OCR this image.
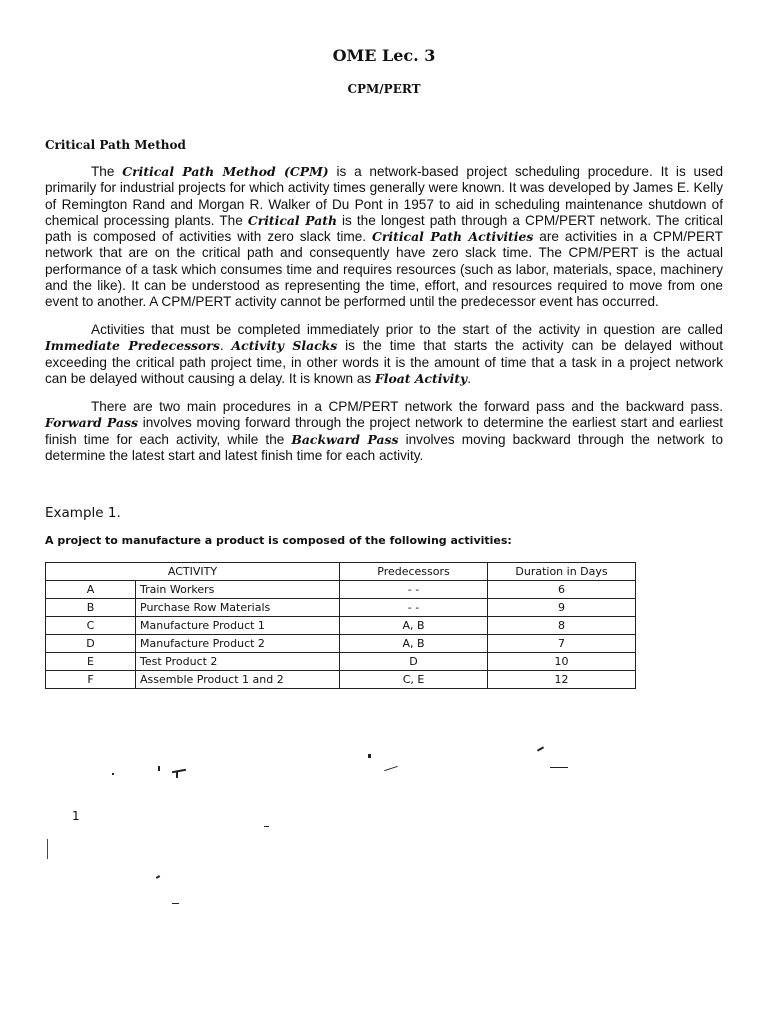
OME Lec. 3
CPM/PERT
Critical Path Method

The Critical Path Method (CPM) is a network-based project scheduling procedure. It is used primarily for industrial projects for which activity times generally were known. It was developed by James E. Kelly of Remington Rand and Morgan R. Walker of Du Pont in 1957 to aid in scheduling maintenance shutdown of chemical processing plants. The Critical Path is the longest path through a CPM/PERT network. The critical path is composed of activities with zero slack time. Critical Path Activities are activities in a CPM/PERT network that are on the critical path and consequently have zero slack time. The CPM/PERT is the actual performance of a task which consumes time and requires resources (such as labor, materials, space, machinery and the like). It can be understood as representing the time, effort, and resources required to move from one event to another. A CPM/PERT activity cannot be performed until the predecessor event has occurred.

Activities that must be completed immediately prior to the start of the activity in question are called Immediate Predecessors. Activity Slacks is the time that starts the activity can be delayed without exceeding the critical path project time, in other words it is the amount of time that a task in a project network can be delayed without causing a delay. It is known as Float Activity.

There are two main procedures in a CPM/PERT network the forward pass and the backward pass. Forward Pass involves moving forward through the project network to determine the earliest start and earliest finish time for each activity, while the Backward Pass involves moving backward through the network to determine the latest start and latest finish time for each activity.

Example 1.
A project to manufacture a product is composed of the following activities:
ACTIVITY		Predecessors	Duration in Days
A	Train Workers	- -	6
B	Purchase Row Materials	- -	9
C	Manufacture Product 1	A, B	8
D	Manufacture Product 2	A, B	7
E	Test Product 2	D	10
F	Assemble Product 1 and 2	C, E	12
1
